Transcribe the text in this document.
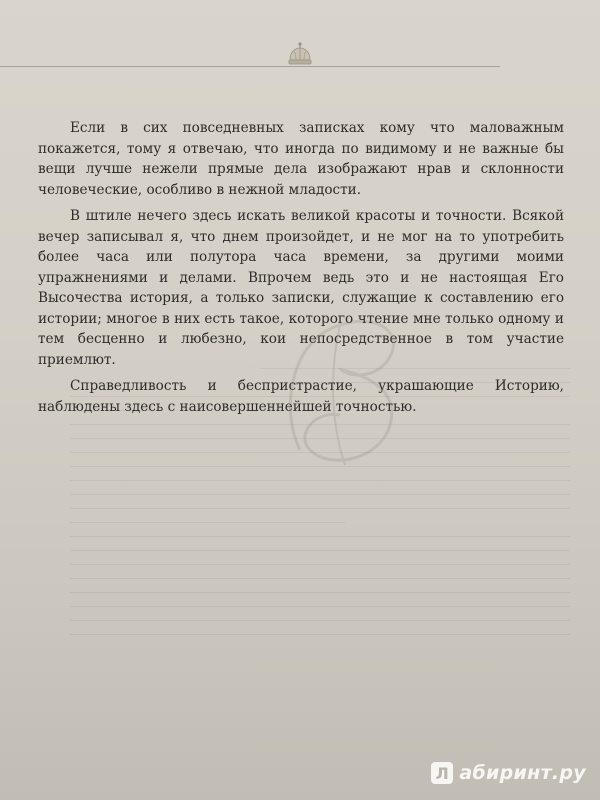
Если в сих повседневных записках кому что маловажным покажется, тому я отвечаю, что иногда по видимому и не важные бы вещи лучше нежели прямые дела изображают нрав и склонности человеческие, особливо в нежной младости.

В штиле нечего здесь искать великой красоты и точности. Всякой вечер записывал я, что днем произойдет, и не мог на то употребить более часа или полутора часа времени, за другими моими упражнениями и делами. Впрочем ведь это и не настоящая Его Высочества история, а только записки, служащие к составлению его истории; многое в них есть такое, которого чтение мне только одному и тем бесценно и любезно, кои непосредственное в том участие приемлют.

Справедливость и беспристрастие, украшающие Историю, наблюдены здесь с наисовершеннейшей точностью.

Л абиринт.ру
